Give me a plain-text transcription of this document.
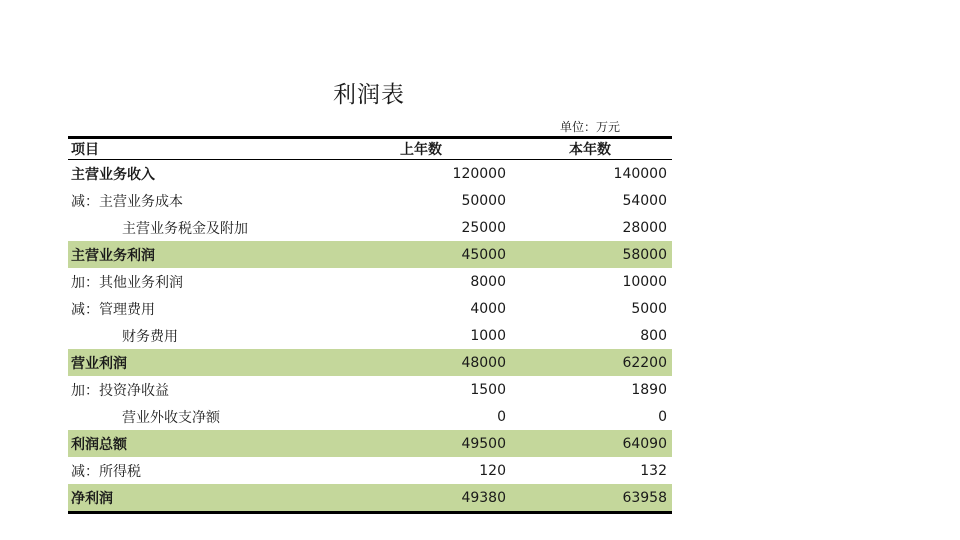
利润表
单位：万元
项目	上年数	本年数
主营业务收入	120000	140000
减：主营业务成本	50000	54000
主营业务税金及附加	25000	28000
主营业务利润	45000	58000
加：其他业务利润	8000	10000
减：管理费用	4000	5000
财务费用	1000	800
营业利润	48000	62200
加：投资净收益	1500	1890
营业外收支净额	0	0
利润总额	49500	64090
减：所得税	120	132
净利润	49380	63958
